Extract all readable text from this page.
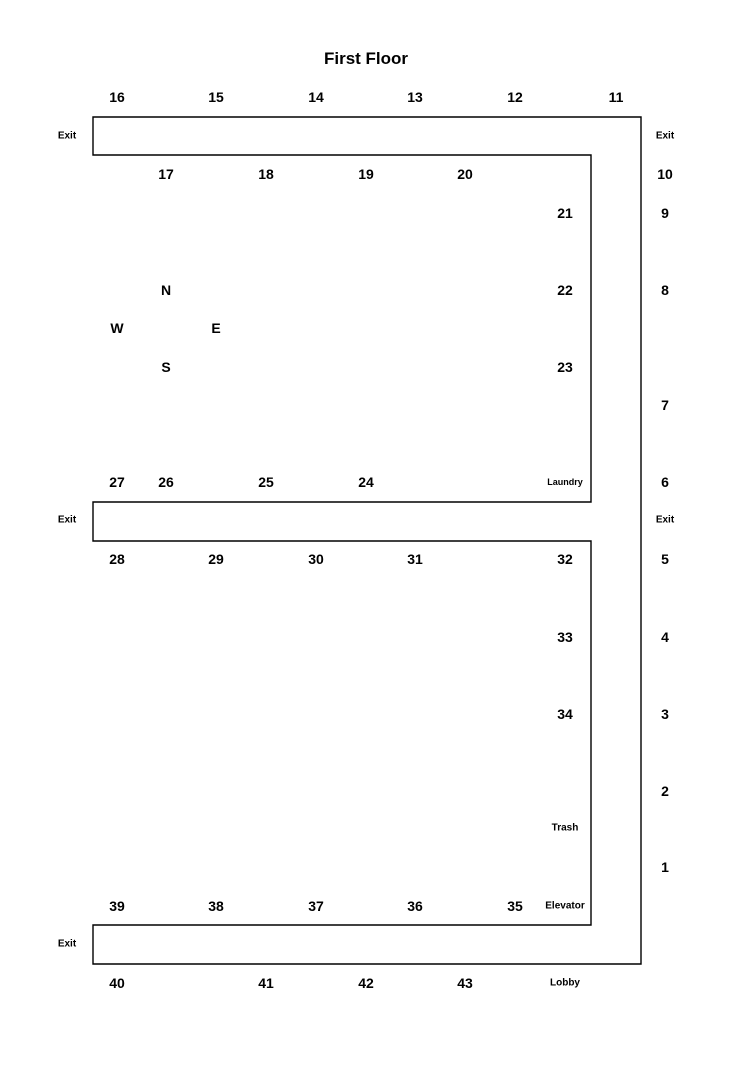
First Floor
16	15	14	13	12	11
Exit	Exit
Exit	Exit
Exit
17	18	19	20
21
22
23
Laundry
10
9
8
7
6
5
4
3
2
1
N
W	E
S
27 26	25	24
28	29	30	31	32
33
34
Trash
39	38	37	36	35 Elevator
40	41	42	43	Lobby
